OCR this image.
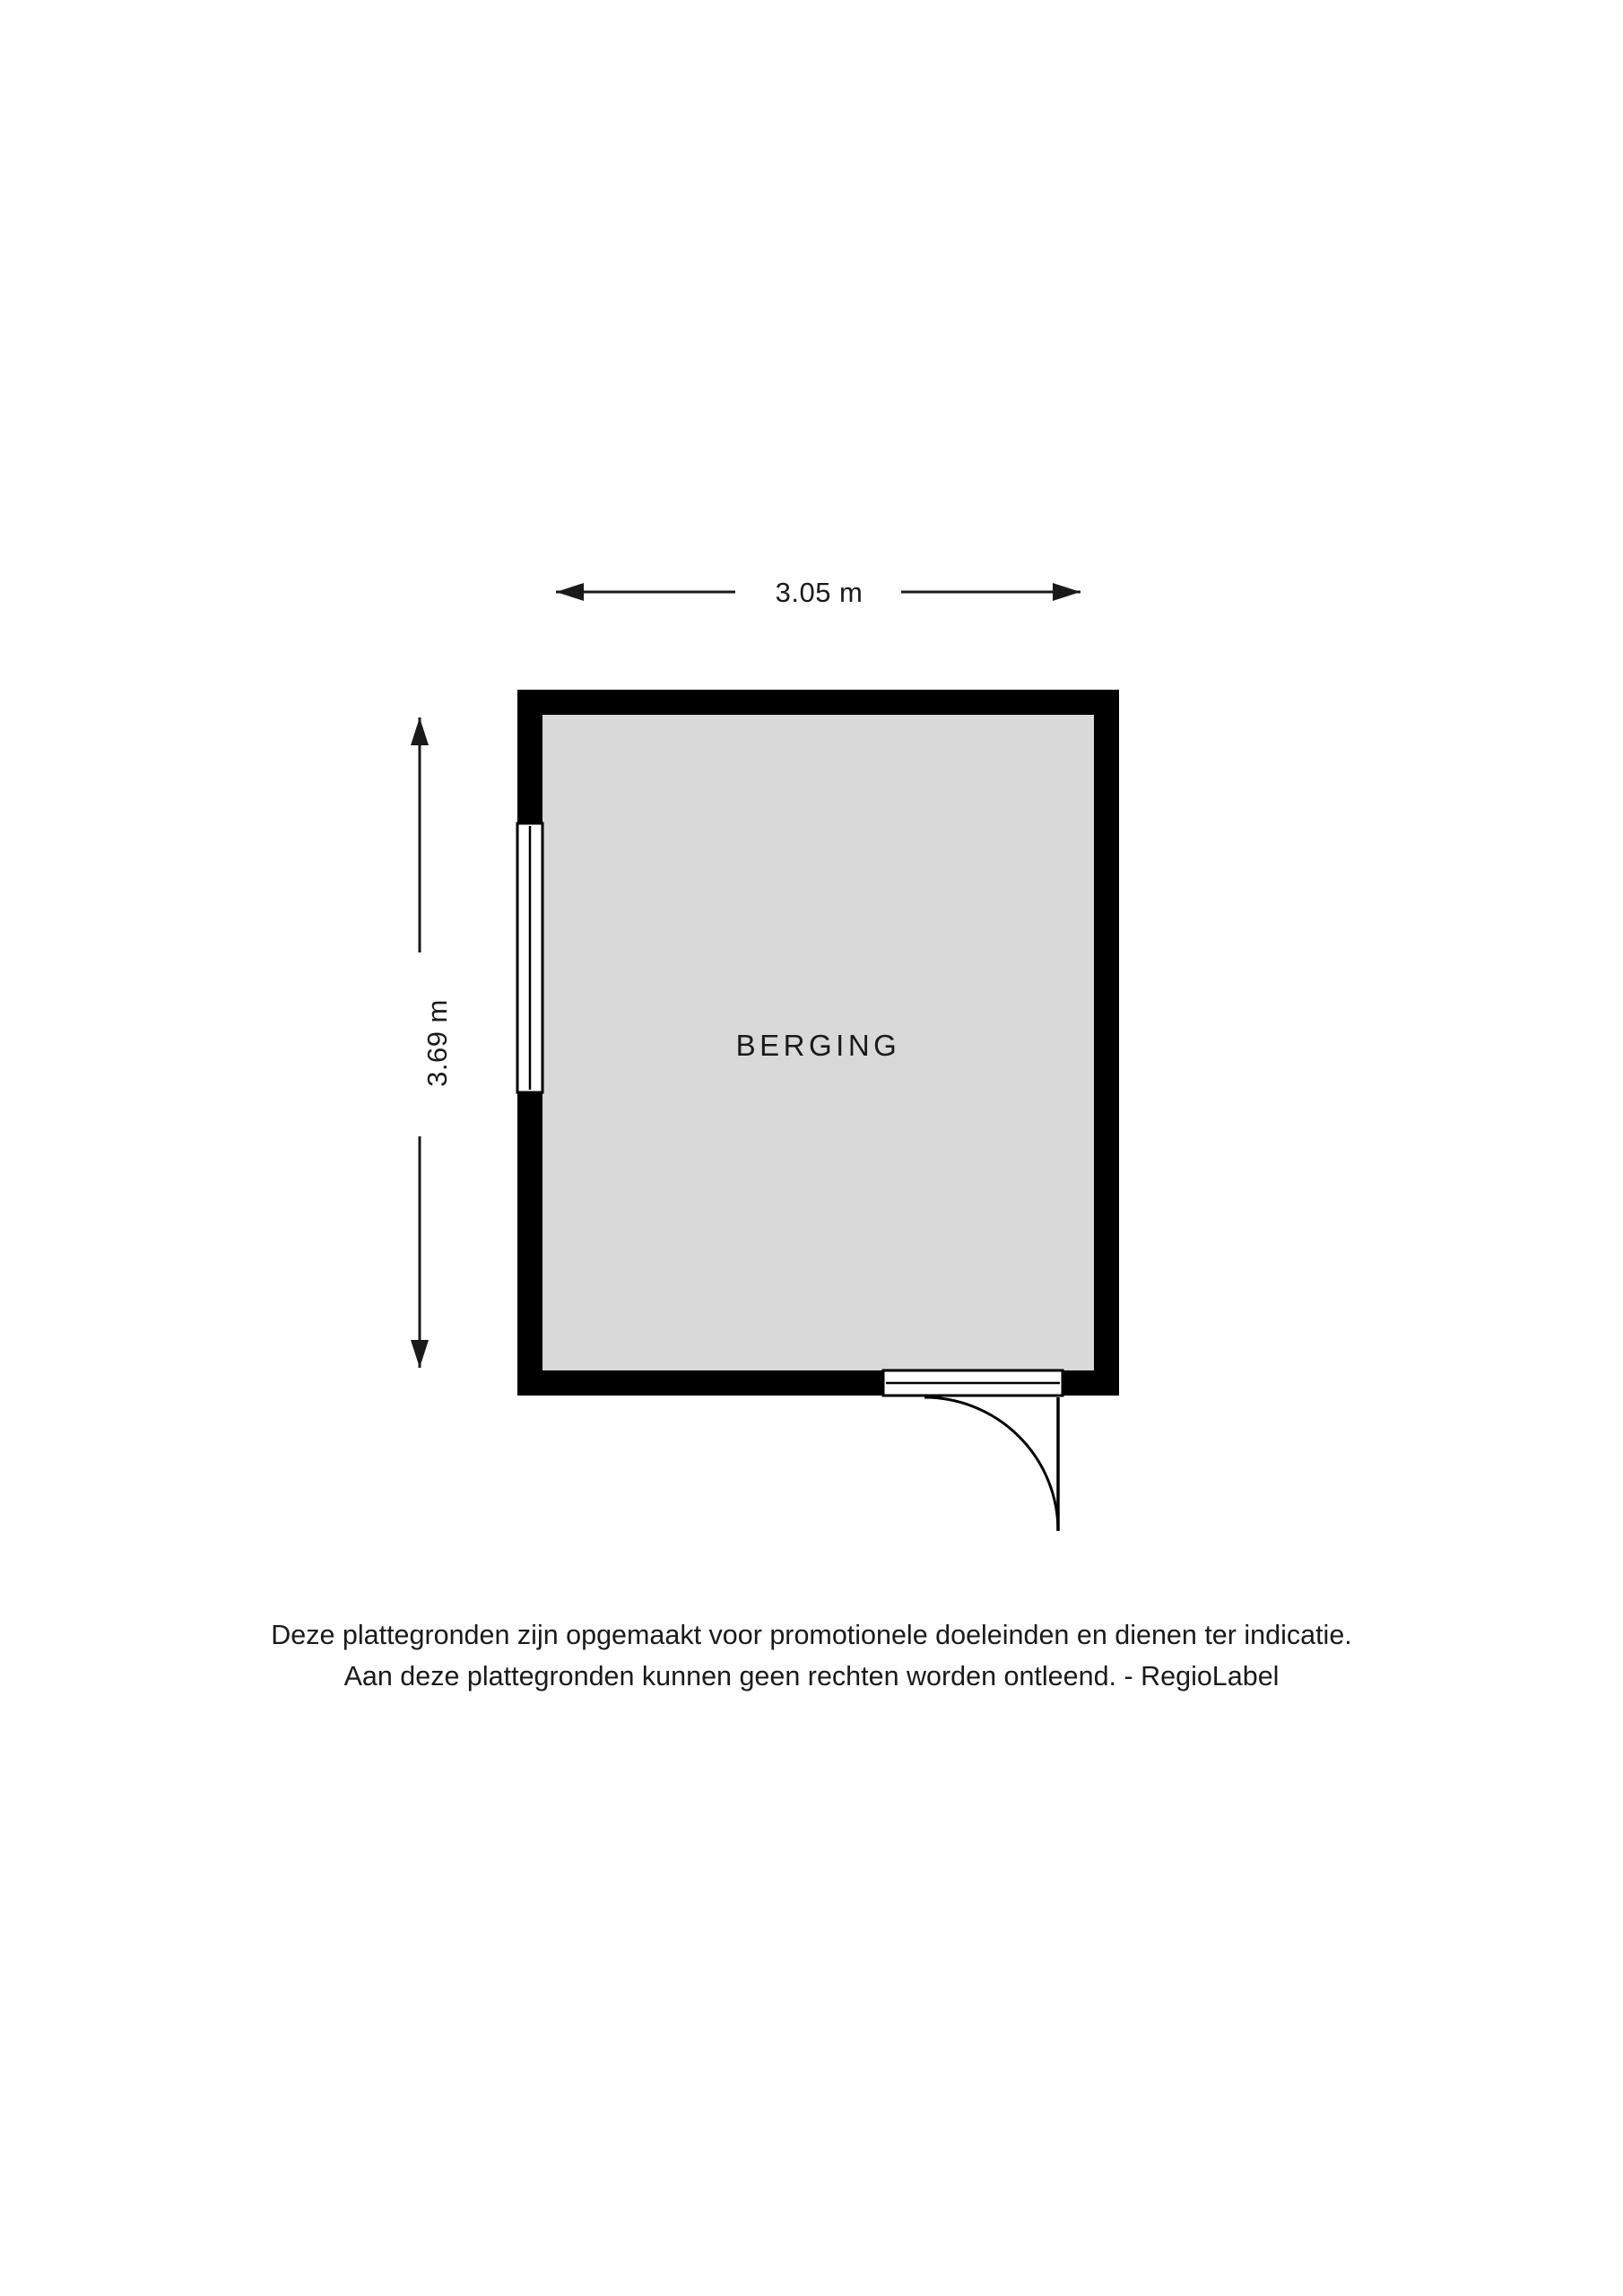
3.05 m
3.69 m	BERGING
Deze plattegronden zijn opgemaakt voor promotionele doeleinden en dienen ter indicatie.
Aan deze plattegronden kunnen geen rechten worden ontleend. - RegioLabel
